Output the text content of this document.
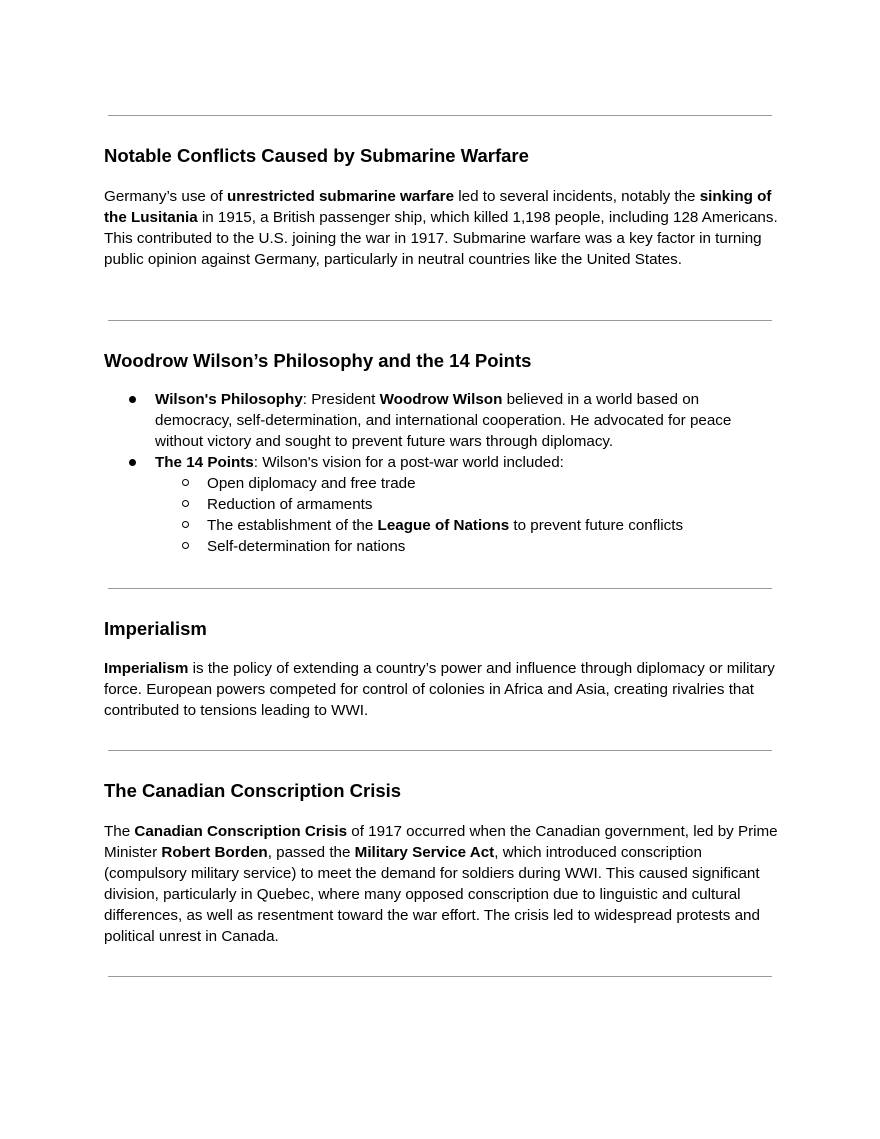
Notable Conflicts Caused by Submarine Warfare

Germany’s use of unrestricted submarine warfare led to several incidents, notably the sinking of the Lusitania in 1915, a British passenger ship, which killed 1,198 people, including 128 Americans. This contributed to the U.S. joining the war in 1917. Submarine warfare was a key factor in turning public opinion against Germany, particularly in neutral countries like the United States.

Woodrow Wilson’s Philosophy and the 14 Points
Wilson's Philosophy: President Woodrow Wilson believed in a world based on democracy, self-determination, and international cooperation. He advocated for peace without victory and sought to prevent future wars through diplomacy.
The 14 Points: Wilson's vision for a post-war world included:
Open diplomacy and free trade
Reduction of armaments
The establishment of the League of Nations to prevent future conflicts
Self-determination for nations
Imperialism

Imperialism is the policy of extending a country’s power and influence through diplomacy or military force. European powers competed for control of colonies in Africa and Asia, creating rivalries that contributed to tensions leading to WWI.

The Canadian Conscription Crisis

The Canadian Conscription Crisis of 1917 occurred when the Canadian government, led by Prime Minister Robert Borden, passed the Military Service Act, which introduced conscription (compulsory military service) to meet the demand for soldiers during WWI. This caused significant division, particularly in Quebec, where many opposed conscription due to linguistic and cultural differences, as well as resentment toward the war effort. The crisis led to widespread protests and political unrest in Canada.
